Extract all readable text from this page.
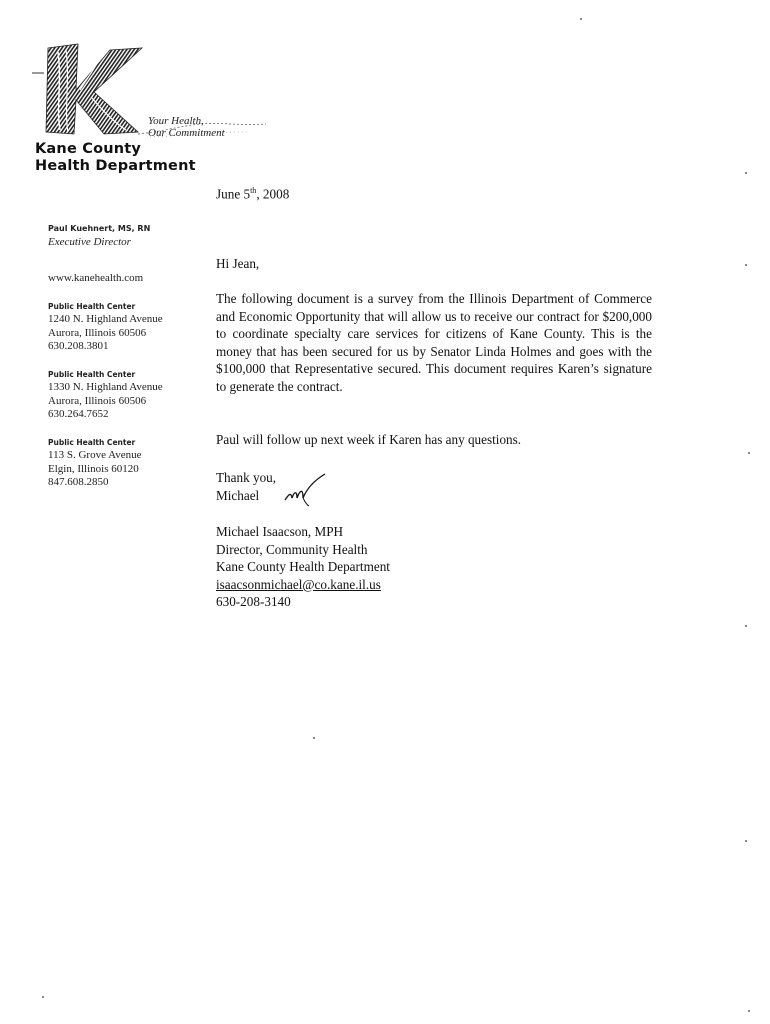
Your Health,
Our Commitment
Kane County
Health Department
Paul Kuehnert, MS, RN
Executive Director
www.kanehealth.com
Public Health Center
1240 N. Highland Avenue
Aurora, Illinois 60506
630.208.3801
Public Health Center
1330 N. Highland Avenue
Aurora, Illinois 60506
630.264.7652
Public Health Center
113 S. Grove Avenue
Elgin, Illinois 60120
847.608.2850
June 5th, 2008
Hi Jean,
The following document is a survey from the Illinois Department of Commerce and Economic Opportunity that will allow us to receive our contract for $200,000 to coordinate specialty care services for citizens of Kane County. This is the money that has been secured for us by Senator Linda Holmes and goes with the $100,000 that Representative secured. This document requires Karen’s signature to generate the contract.
Paul will follow up next week if Karen has any questions.
Thank you,
Michael
Michael Isaacson, MPH
Director, Community Health
Kane County Health Department
isaacsonmichael@co.kane.il.us
630-208-3140
